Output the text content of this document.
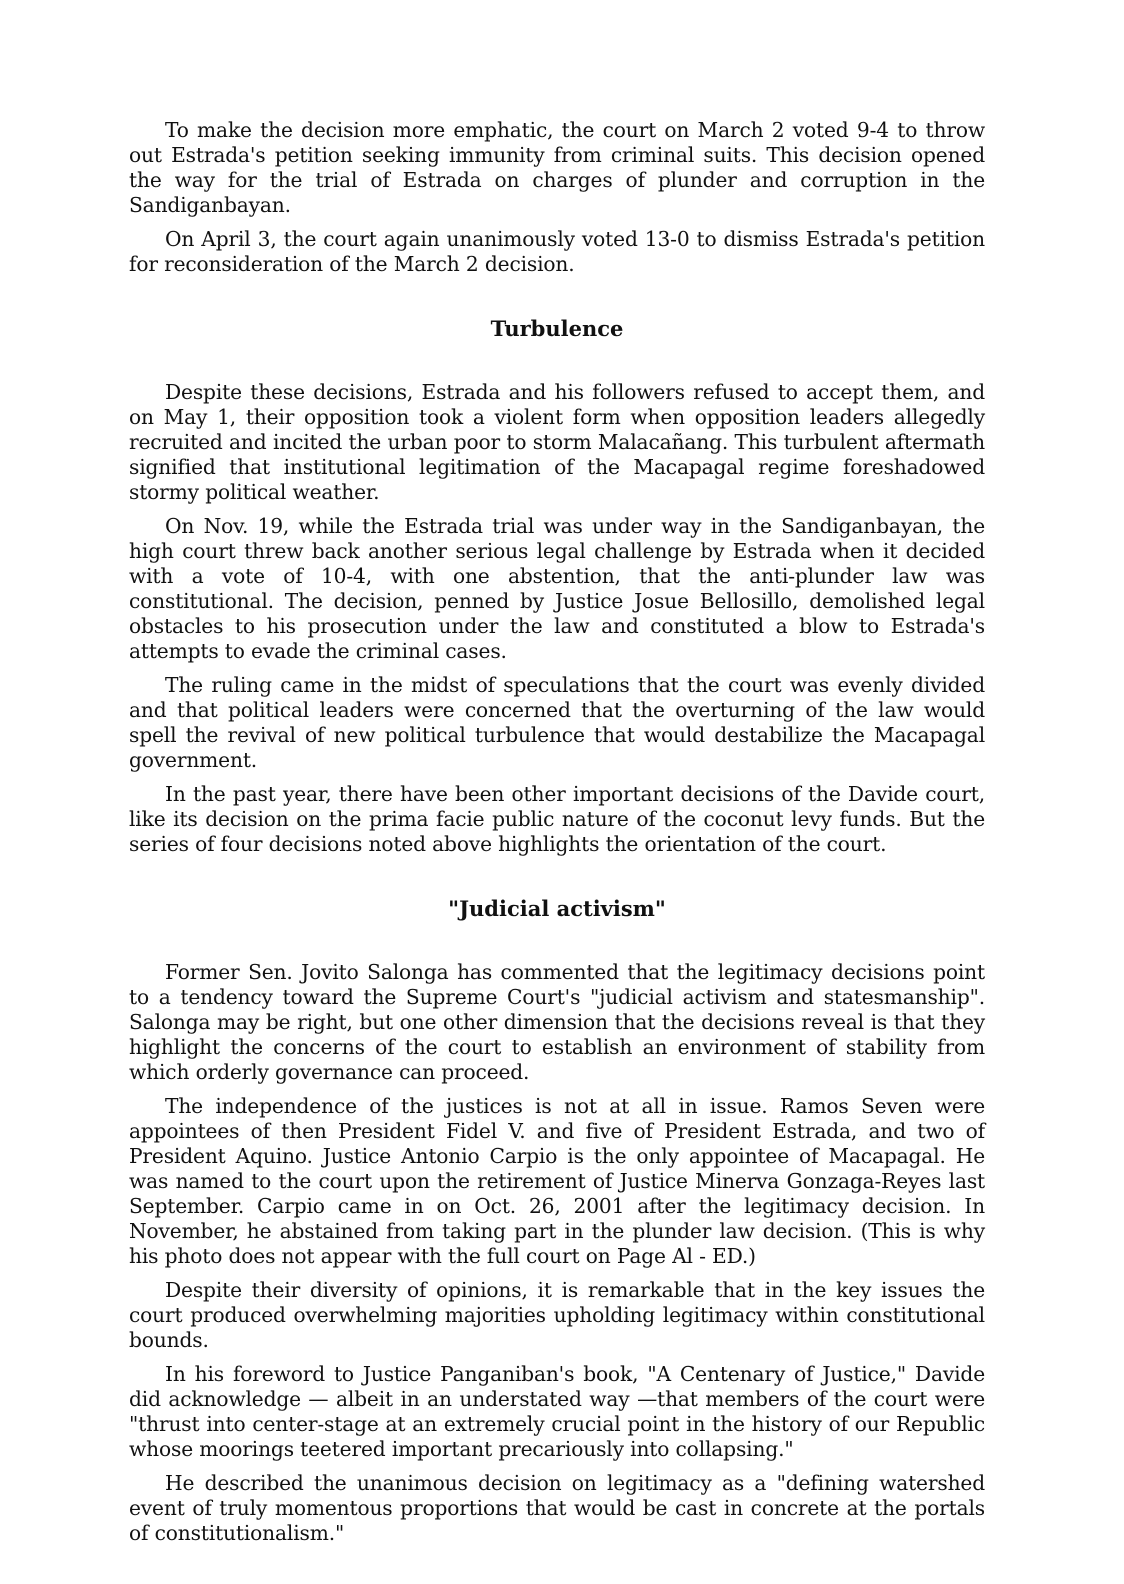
To make the decision more emphatic, the court on March 2 voted 9-4 to throw out Estrada's petition seeking immunity from criminal suits. This decision opened the way for the trial of Estrada on charges of plunder and corruption in the Sandiganbayan.

On April 3, the court again unanimously voted 13-0 to dismiss Estrada's petition for reconsideration of the March 2 decision.

Turbulence

Despite these decisions, Estrada and his followers refused to accept them, and on May 1, their opposition took a violent form when opposition leaders allegedly recruited and incited the urban poor to storm Malacañang. This turbulent aftermath signified that institutional legitimation of the Macapagal regime foreshadowed stormy political weather.

On Nov. 19, while the Estrada trial was under way in the Sandiganbayan, the high court threw back another serious legal challenge by Estrada when it decided with a vote of 10-4, with one abstention, that the anti-plunder law was constitutional. The decision, penned by Justice Josue Bellosillo, demolished legal obstacles to his prosecution under the law and constituted a blow to Estrada's attempts to evade the criminal cases.

The ruling came in the midst of speculations that the court was evenly divided and that political leaders were concerned that the overturning of the law would spell the revival of new political turbulence that would destabilize the Macapagal government.

In the past year, there have been other important decisions of the Davide court, like its decision on the prima facie public nature of the coconut levy funds. But the series of four decisions noted above highlights the orientation of the court.

"Judicial activism"

Former Sen. Jovito Salonga has commented that the legitimacy decisions point to a tendency toward the Supreme Court's "judicial activism and statesmanship". Salonga may be right, but one other dimension that the decisions reveal is that they highlight the concerns of the court to establish an environment of stability from which orderly governance can proceed.

The independence of the justices is not at all in issue. Ramos Seven were appointees of then President Fidel V. and five of President Estrada, and two of President Aquino. Justice Antonio Carpio is the only appointee of Macapagal. He was named to the court upon the retirement of Justice Minerva Gonzaga-Reyes last September. Carpio came in on Oct. 26, 2001 after the legitimacy decision. In November, he abstained from taking part in the plunder law decision. (This is why his photo does not appear with the full court on Page Al - ED.)

Despite their diversity of opinions, it is remarkable that in the key issues the court produced overwhelming majorities upholding legitimacy within constitutional bounds.

In his foreword to Justice Panganiban's book, "A Centenary of Justice," Davide did acknowledge — albeit in an understated way —that members of the court were "thrust into center-stage at an extremely crucial point in the history of our Republic whose moorings teetered important precariously into collapsing."

He described the unanimous decision on legitimacy as a "defining watershed event of truly momentous proportions that would be cast in concrete at the portals of constitutionalism."
